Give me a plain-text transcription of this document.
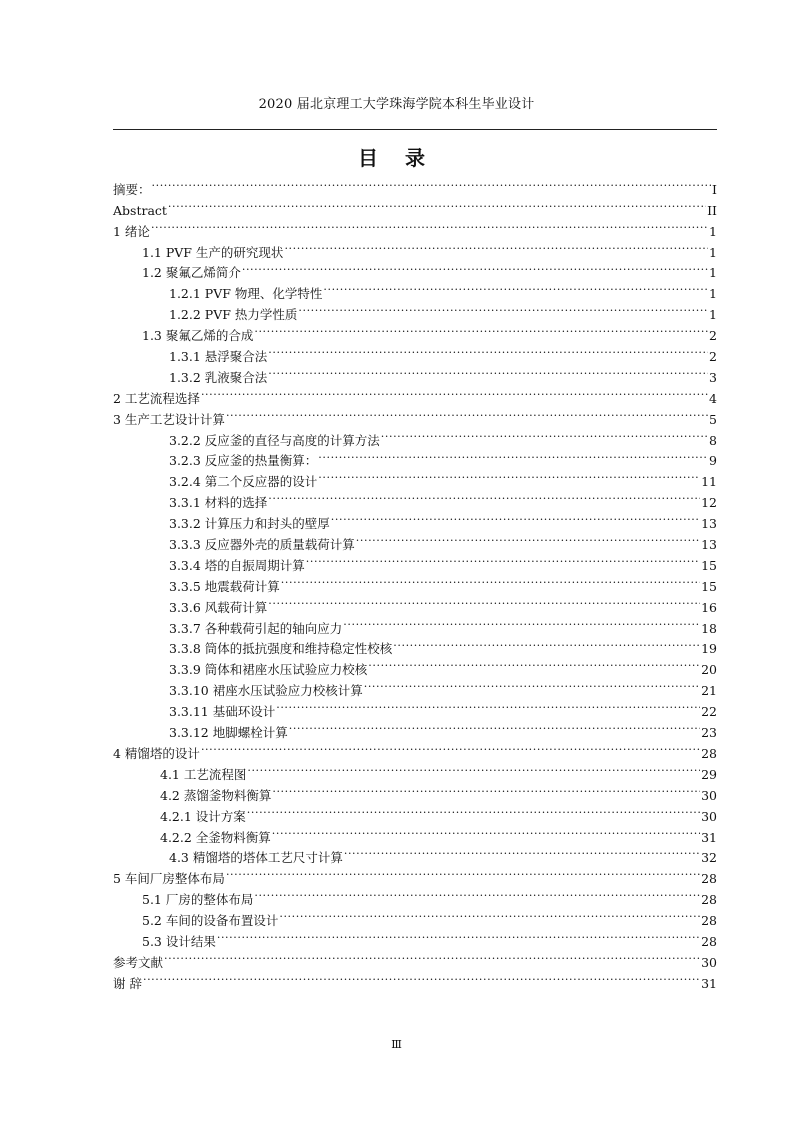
2020 届北京理工大学珠海学院本科生毕业设计
目 录
摘要： .....	I
Abstract .....	II
1 绪论 .....	1
1.1 PVF 生产的研究现状 .....	1
1.2 聚氟乙烯简介 .....	1
1.2.1 PVF 物理、化学特性 .....	1
1.2.2 PVF 热力学性质 .....	1
1.3 聚氟乙烯的合成 .....	2
1.3.1 悬浮聚合法 .....	2
1.3.2 乳液聚合法 .....	3
2 工艺流程选择 .....	4
3 生产工艺设计计算 .....	5
3.2.2 反应釜的直径与高度的计算方法 .....	8
3.2.3 反应釜的热量衡算： .....	9
3.2.4 第二个反应器的设计 .....	11
3.3.1 材料的选择 .....	12
3.3.2 计算压力和封头的壁厚 .....	13
3.3.3 反应器外壳的质量载荷计算 .....	13
3.3.4 塔的自振周期计算 .....	15
3.3.5 地震载荷计算 .....	15
3.3.6 风载荷计算 .....	16
3.3.7 各种载荷引起的轴向应力 .....	18
3.3.8 筒体的抵抗强度和维持稳定性校核 .....	19
3.3.9 筒体和裙座水压试验应力校核 .....	20
3.3.10 裙座水压试验应力校核计算 .....	21
3.3.11 基础环设计 .....	22
3.3.12 地脚螺栓计算 .....	23
4 精馏塔的设计 .....	28
4.1 工艺流程图 .....	29
4.2 蒸馏釜物料衡算 .....	30
4.2.1 设计方案 .....	30
4.2.2 全釜物料衡算 .....	31
4.3 精馏塔的塔体工艺尺寸计算 .....	32
5 车间厂房整体布局 .....	28
5.1 厂房的整体布局 .....	28
5.2 车间的设备布置设计 .....	28
5.3 设计结果 .....	28
参考文献 .....	30
谢 辞 .....	31
Ⅲ
